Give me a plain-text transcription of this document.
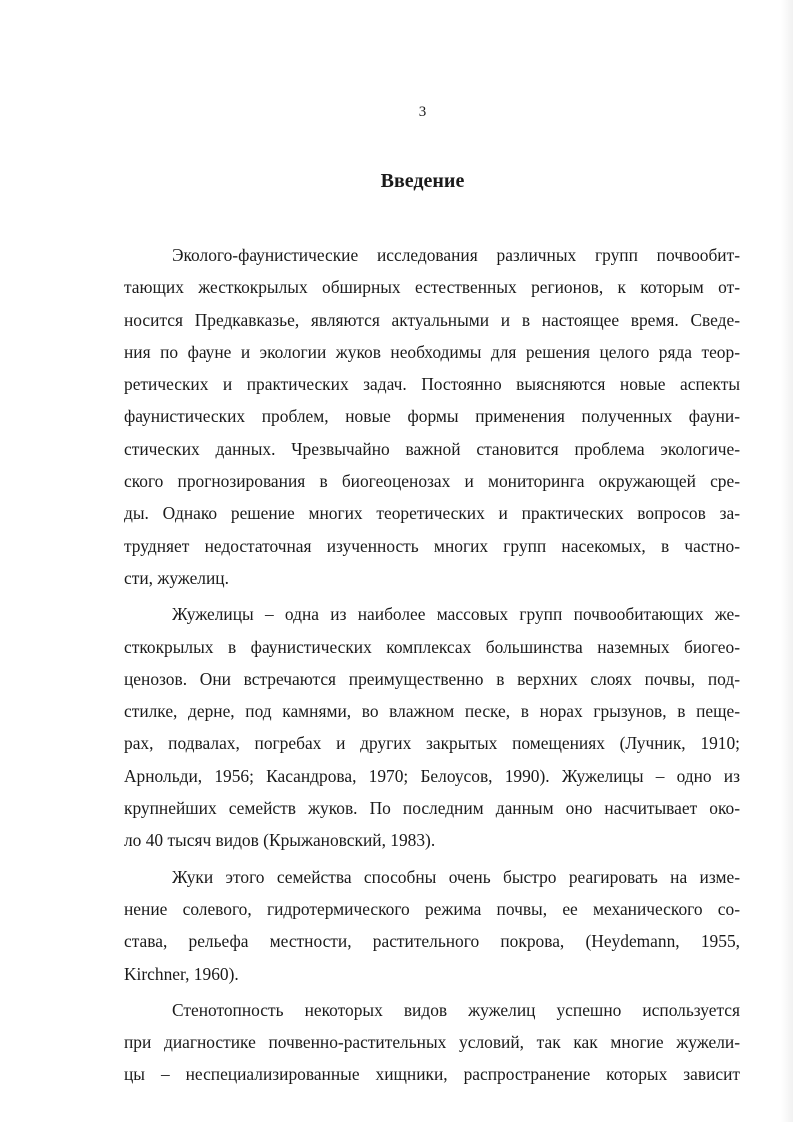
3
Введение
Эколого-фаунистические исследования различных групп почвообит-
тающих жесткокрылых обширных естественных регионов, к которым от-
носится Предкавказье, являются актуальными и в настоящее время. Сведе-
ния по фауне и экологии жуков необходимы для решения целого ряда теор-
ретических и практических задач. Постоянно выясняются новые аспекты
фаунистических проблем, новые формы применения полученных фауни-
стических данных. Чрезвычайно важной становится проблема экологиче-
ского прогнозирования в биогеоценозах и мониторинга окружающей сре-
ды. Однако решение многих теоретических и практических вопросов за-
трудняет недостаточная изученность многих групп насекомых, в частно-
сти, жужелиц.
Жужелицы – одна из наиболее массовых групп почвообитающих же-
сткокрылых в фаунистических комплексах большинства наземных биогео-
ценозов. Они встречаются преимущественно в верхних слоях почвы, под-
стилке, дерне, под камнями, во влажном песке, в норах грызунов, в пеще-
рах, подвалах, погребах и других закрытых помещениях (Лучник, 1910;
Арнольди, 1956; Касандрова, 1970; Белоусов, 1990). Жужелицы – одно из
крупнейших семейств жуков. По последним данным оно насчитывает око-
ло 40 тысяч видов (Крыжановский, 1983).
Жуки этого семейства способны очень быстро реагировать на изме-
нение солевого, гидротермического режима почвы, ее механического со-
става, рельефа местности, растительного покрова, (Heydemann, 1955,
Kirchner, 1960).
Стенотопность некоторых видов жужелиц успешно используется
при диагностике почвенно-растительных условий, так как многие жужели-
цы – неспециализированные хищники, распространение которых зависит
